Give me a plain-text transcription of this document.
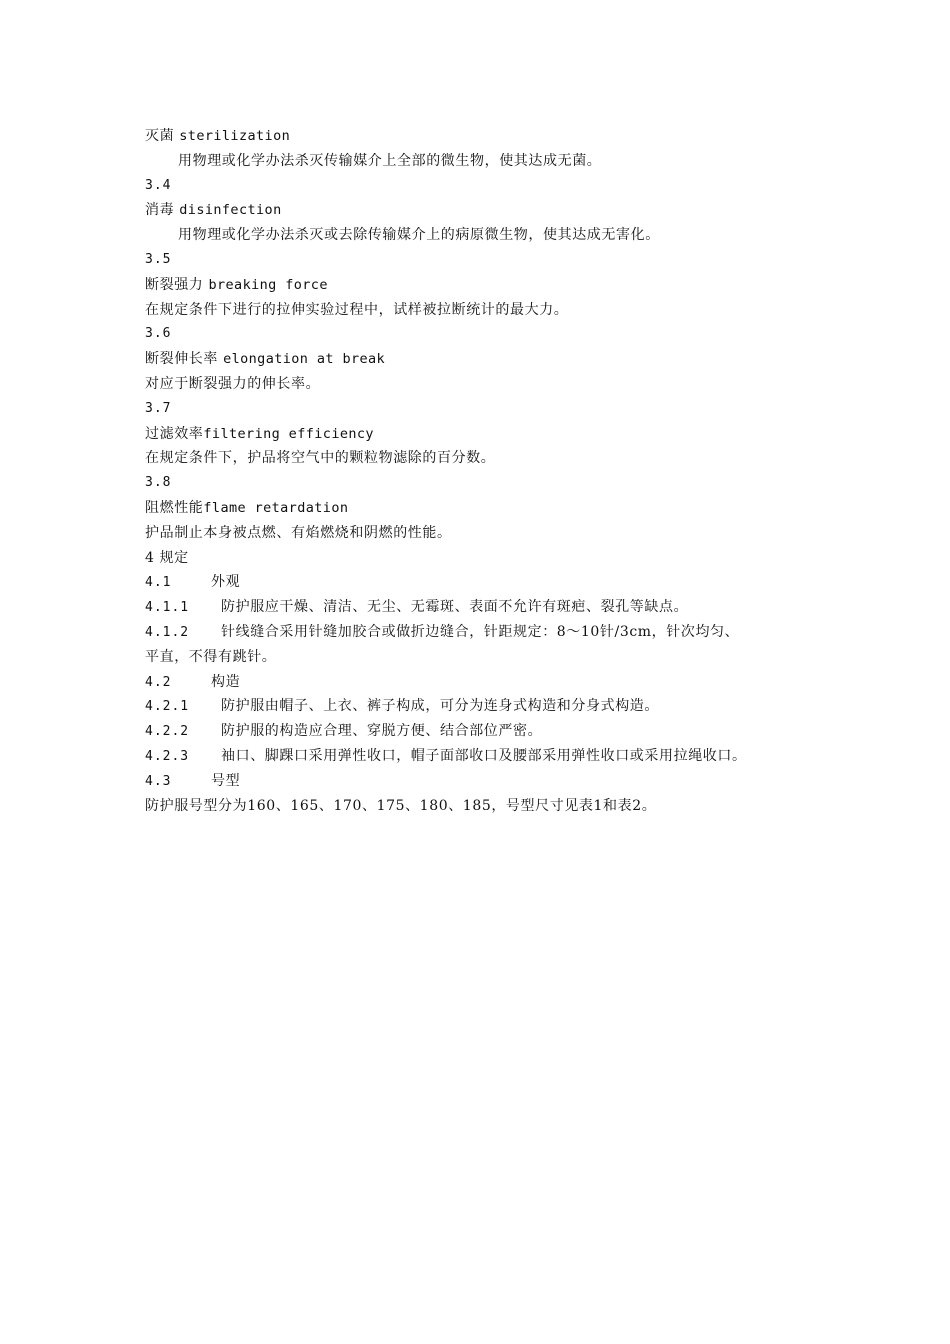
灭菌 sterilization
用物理或化学办法杀灭传输媒介上全部的微生物，使其达成无菌。
3.4
消毒 disinfection
用物理或化学办法杀灭或去除传输媒介上的病原微生物，使其达成无害化。
3.5
断裂强力 breaking force
在规定条件下进行的拉伸实验过程中，试样被拉断统计的最大力。
3.6
断裂伸长率 elongation at break
对应于断裂强力的伸长率。
3.7
过滤效率filtering efficiency
在规定条件下，护品将空气中的颗粒物滤除的百分数。
3.8
阻燃性能flame retardation
护品制止本身被点燃、有焰燃烧和阴燃的性能。
4 规定
4.1	外观
4.1.1 防护服应干燥、清洁、无尘、无霉斑、表面不允许有斑疤、裂孔等缺点。
4.1.2 针线缝合采用针缝加胶合或做折边缝合，针距规定：8～10针/3cm，针次均匀、
平直，不得有跳针。
4.2	构造
4.2.1 防护服由帽子、上衣、裤子构成，可分为连身式构造和分身式构造。
4.2.2 防护服的构造应合理、穿脱方便、结合部位严密。
4.2.3 袖口、脚踝口采用弹性收口，帽子面部收口及腰部采用弹性收口或采用拉绳收口。
4.3	号型
防护服号型分为160、165、170、175、180、185，号型尺寸见表1和表2。
